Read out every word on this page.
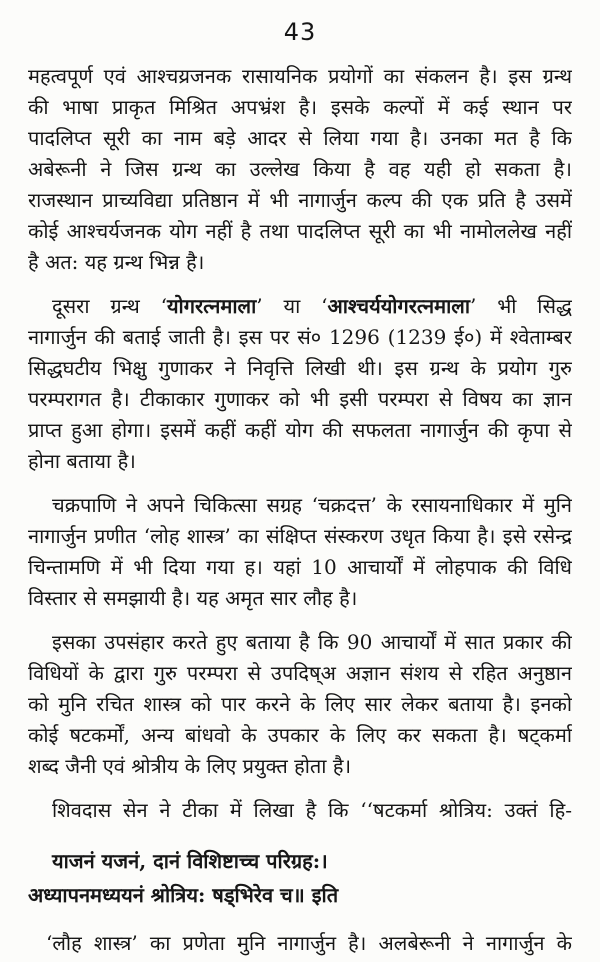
43
महत्वपूर्ण एवं आश्चय्रजनक रासायनिक प्रयोगों का संकलन है। इस ग्रन्थ
की भाषा प्राकृत मिश्रित अपभ्रंश है। इसके कल्पों में कई स्थान पर
पादलिप्त सूरी का नाम बड़े आदर से लिया गया है। उनका मत है कि
अबेरूनी ने जिस ग्रन्थ का उल्लेख किया है वह यही हो सकता है।
राजस्थान प्राच्यविद्या प्रतिष्ठान में भी नागार्जुन कल्प की एक प्रति है उसमें
कोई आश्चर्यजनक योग नहीं है तथा पादलिप्त सूरी का भी नामोललेख नहीं
है अत: यह ग्रन्थ भिन्न है।
दूसरा ग्रन्थ ‘योगरत्नमाला’ या ‘आश्चर्ययोगरत्नमाला’ भी सिद्ध
नागार्जुन की बताई जाती है। इस पर सं० 1296 (1239 ई०) में श्वेताम्बर
सिद्धघटीय भिक्षु गुणाकर ने निवृत्ति लिखी थी। इस ग्रन्थ के प्रयोग गुरु
परम्परागत है। टीकाकार गुणाकर को भी इसी परम्परा से विषय का ज्ञान
प्राप्त हुआ होगा। इसमें कहीं कहीं योग की सफलता नागार्जुन की कृपा से
होना बताया है।
चक्रपाणि ने अपने चिकित्सा सग्रह ‘चक्रदत्त’ के रसायनाधिकार में मुनि
नागार्जुन प्रणीत ‘लोह शास्त्र’ का संक्षिप्त संस्करण उधृत किया है। इसे रसेन्द्र
चिन्तामणि में भी दिया गया ह। यहां 10 आचार्यों में लोहपाक की विधि
विस्तार से समझायी है। यह अमृत सार लौह है।
इसका उपसंहार करते हुए बताया है कि 90 आचार्यों में सात प्रकार की
विधियों के द्वारा गुरु परम्परा से उपदिष्अ अज्ञान संशय से रहित अनुष्ठान
को मुनि रचित शास्त्र को पार करने के लिए सार लेकर बताया है। इनको
कोई षटकर्मों, अन्य बांधवो के उपकार के लिए कर सकता है। षट्कर्मा
शब्द जैनी एवं श्रोत्रीय के लिए प्रयुक्त होता है।
शिवदास सेन ने टीका में लिखा है कि ‘‘षटकर्मा श्रोत्रिय: उक्तं हि-
याजनं यजनं, दानं विशिष्टाच्च परिग्रह:।
अध्यापनमध्ययनं श्रोत्रिय: षड्भिरेव च॥ इति
‘लौह शास्त्र’ का प्रणेता मुनि नागार्जुन है। अलबेरूनी ने नागार्जुन के
